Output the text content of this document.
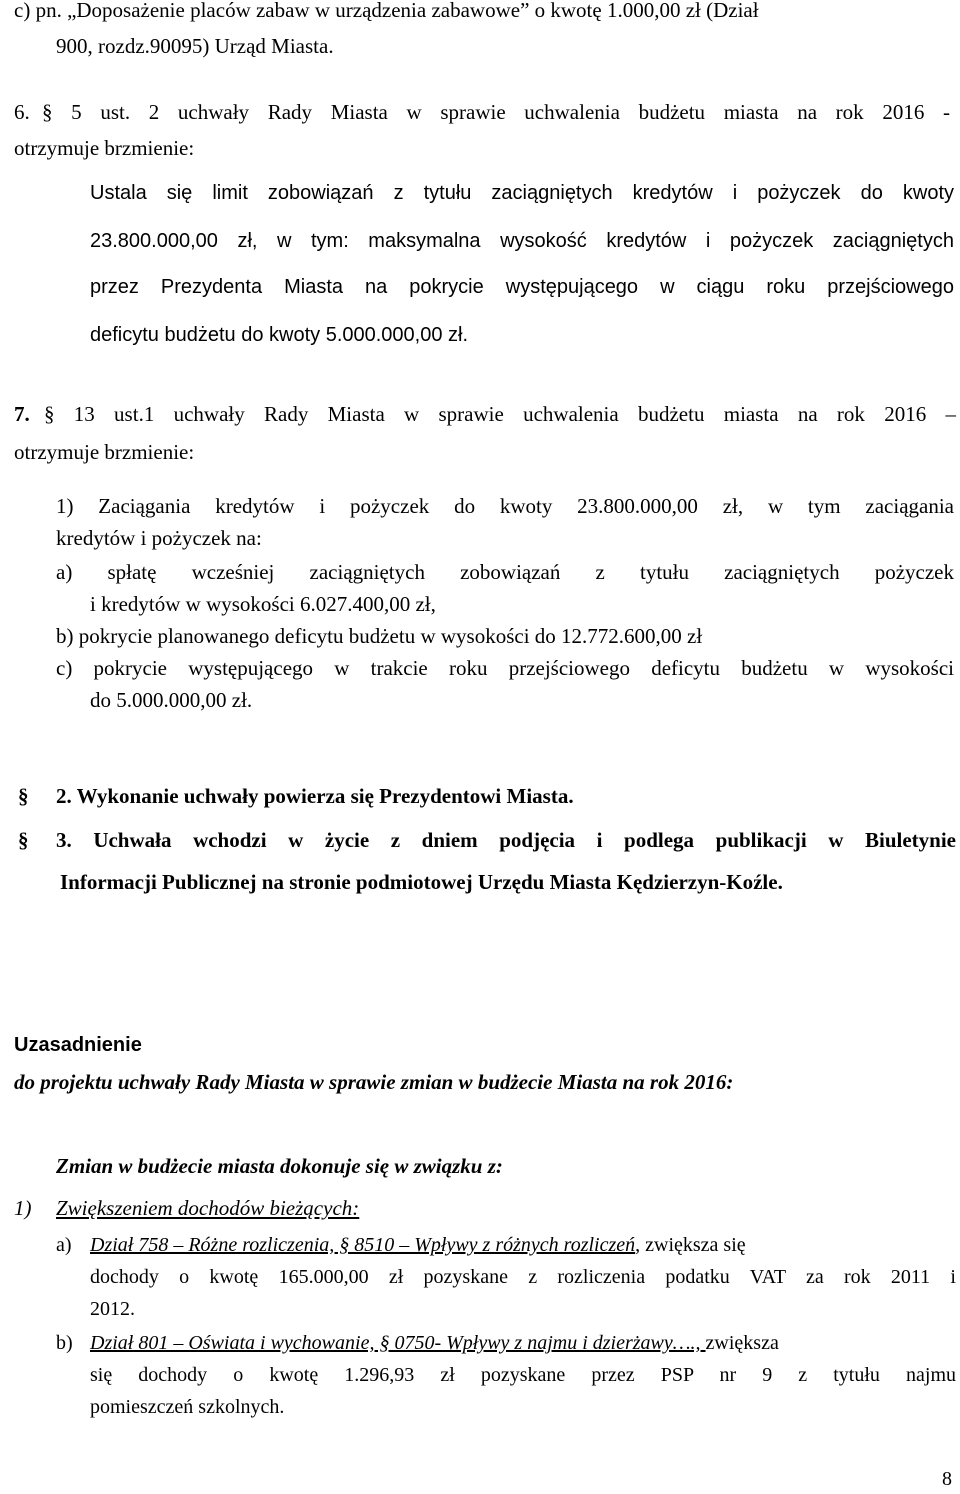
c) pn. „Doposażenie placów zabaw w urządzenia zabawowe” o kwotę 1.000,00 zł (Dział
900, rozdz.90095) Urząd Miasta.
6. § 5 ust. 2 uchwały Rady Miasta w sprawie uchwalenia budżetu miasta na rok 2016 -
otrzymuje brzmienie:
Ustala się limit zobowiązań z tytułu zaciągniętych kredytów i pożyczek do kwoty
23.800.000,00 zł, w tym: maksymalna wysokość kredytów i pożyczek zaciągniętych
przez Prezydenta Miasta na pokrycie występującego w ciągu roku przejściowego
deficytu budżetu do kwoty 5.000.000,00 zł.
7. § 13 ust.1 uchwały Rady Miasta w sprawie uchwalenia budżetu miasta na rok 2016 –
otrzymuje brzmienie:
1) Zaciągania kredytów i pożyczek do kwoty 23.800.000,00 zł, w tym zaciągania
kredytów i pożyczek na:
a) spłatę wcześniej zaciągniętych zobowiązań z tytułu zaciągniętych pożyczek
i kredytów w wysokości 6.027.400,00 zł,
b) pokrycie planowanego deficytu budżetu w wysokości do 12.772.600,00 zł
c) pokrycie występującego w trakcie roku przejściowego deficytu budżetu w wysokości
do 5.000.000,00 zł.
§ 2. Wykonanie uchwały powierza się Prezydentowi Miasta.
§ 3. Uchwała wchodzi w życie z dniem podjęcia i podlega publikacji w Biuletynie
Informacji Publicznej na stronie podmiotowej Urzędu Miasta Kędzierzyn-Koźle.
Uzasadnienie
do projektu uchwały Rady Miasta w sprawie zmian w budżecie Miasta na rok 2016:
Zmian w budżecie miasta dokonuje się w związku z:
1) Zwiększeniem dochodów bieżących:
a) Dział 758 – Różne rozliczenia, § 8510 – Wpływy z różnych rozliczeń, zwiększa się
dochody o kwotę 165.000,00 zł pozyskane z rozliczenia podatku VAT za rok 2011 i
2012.
b) Dział 801 – Oświata i wychowanie, § 0750- Wpływy z najmu i dzierżawy…., zwiększa
się dochody o kwotę 1.296,93 zł pozyskane przez PSP nr 9 z tytułu najmu
pomieszczeń szkolnych.
8
